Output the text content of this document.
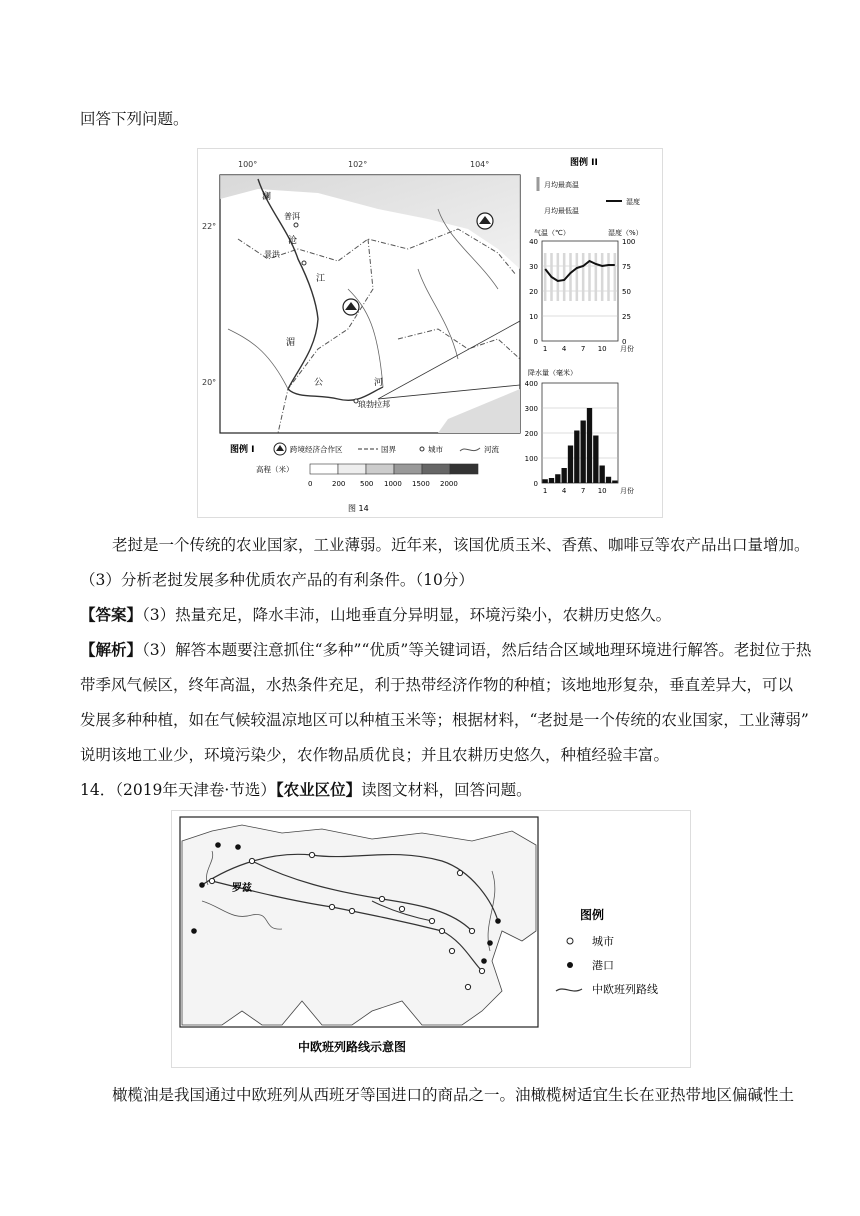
回答下列问题。
100°	102°	104°
22°
20°
澜
普洱
沧
景洪
江
湄
公	河
琅勃拉邦
图例 I	跨境经济合作区	国界	城市	河流
高程（米）
0	200 500 1000 1500 2000
图 14
图例 II
月均最高温
月均最低温
湿度
气温（℃）	湿度（%）
40
30
20
10
0
100
75
50
25
0
1 4 7 10 月份
降水量（毫米）
400
300
200
100
0
1 4 7 10 月份
老挝是一个传统的农业国家，工业薄弱。近年来，该国优质玉米、香蕉、咖啡豆等农产品出口量增加。
（3）分析老挝发展多种优质农产品的有利条件。（10分）
【答案】（3）热量充足，降水丰沛，山地垂直分异明显，环境污染小，农耕历史悠久。
【解析】（3）解答本题要注意抓住“多种”“优质”等关键词语，然后结合区域地理环境进行解答。老挝位于热
带季风气候区，终年高温，水热条件充足，利于热带经济作物的种植；该地地形复杂，垂直差异大，可以
发展多种种植，如在气候较温凉地区可以种植玉米等；根据材料，“老挝是一个传统的农业国家，工业薄弱”
说明该地工业少，环境污染少，农作物品质优良；并且农耕历史悠久，种植经验丰富。
14．（2019年天津卷·节选）【农业区位】读图文材料，回答问题。
罗兹
图例
城市
港口
中欧班列路线
中欧班列路线示意图
橄榄油是我国通过中欧班列从西班牙等国进口的商品之一。油橄榄树适宜生长在亚热带地区偏碱性土
